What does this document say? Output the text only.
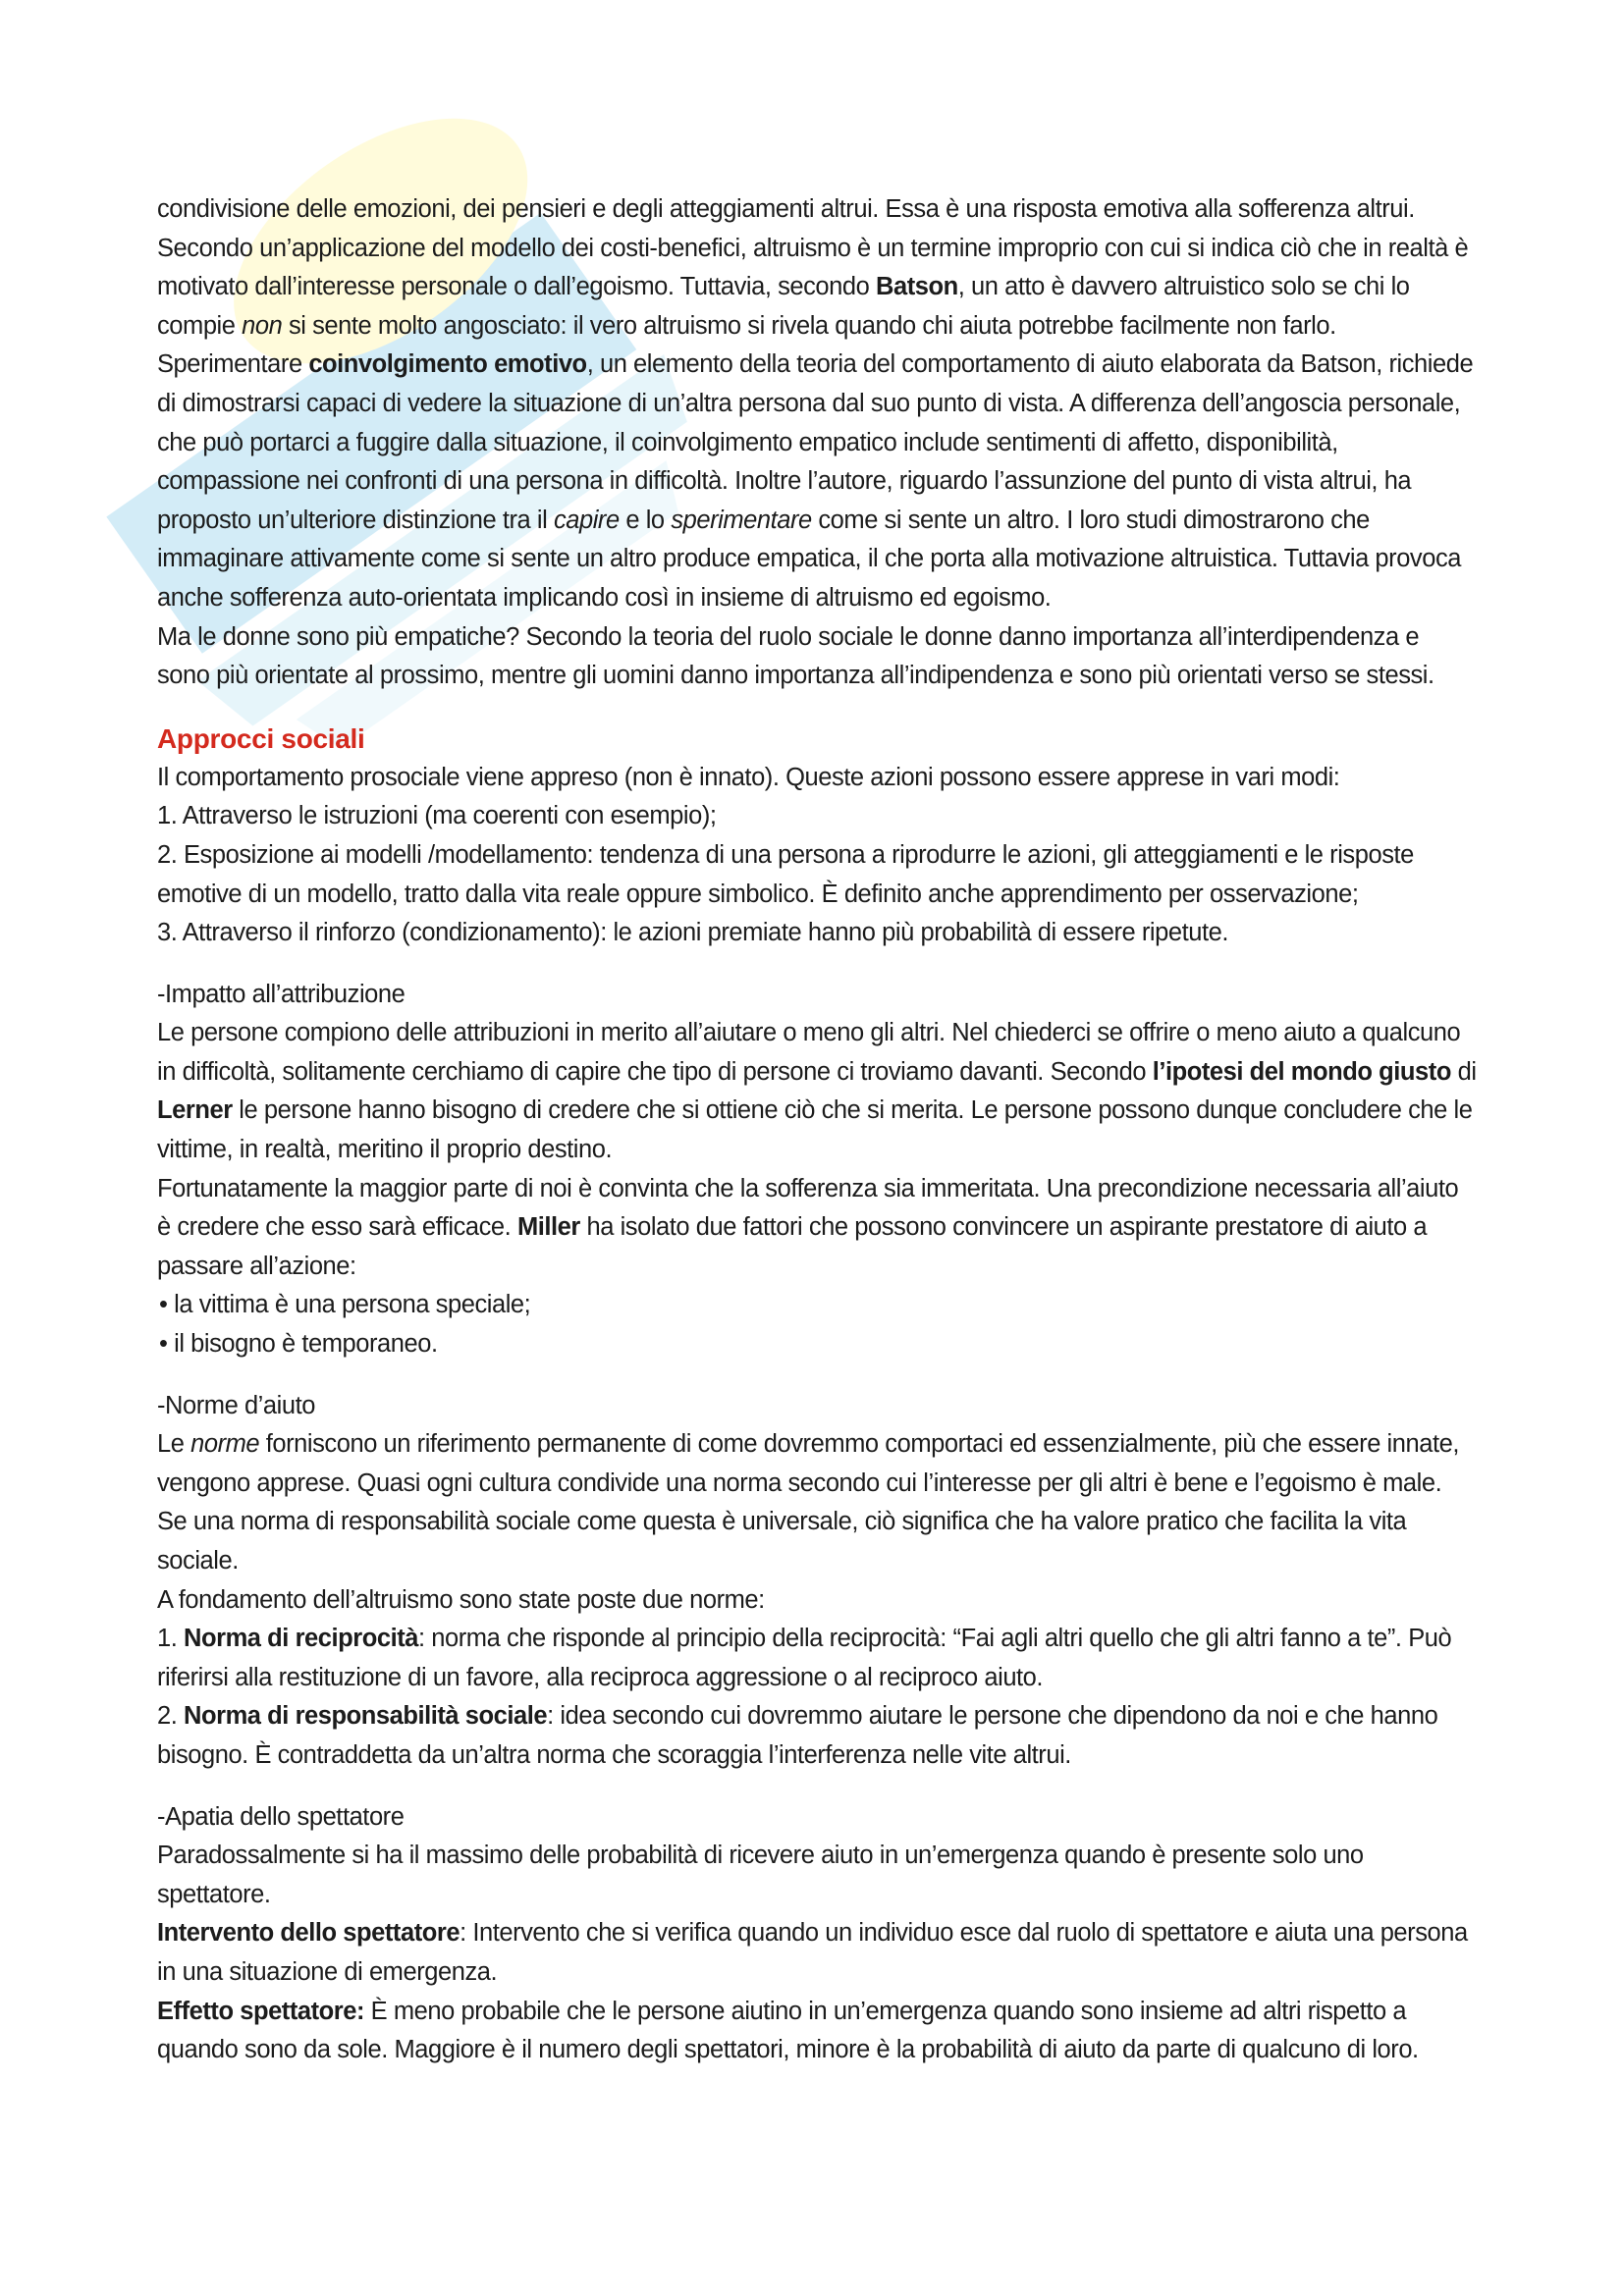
condivisione delle emozioni, dei pensieri e degli atteggiamenti altrui. Essa è una risposta emotiva alla sofferenza altrui. Secondo un’applicazione del modello dei costi-benefici, altruismo è un termine improprio con cui si indica ciò che in realtà è motivato dall’interesse personale o dall’egoismo. Tuttavia, secondo Batson, un atto è davvero altruistico solo se chi lo compie non si sente molto angosciato: il vero altruismo si rivela quando chi aiuta potrebbe facilmente non farlo. Sperimentare coinvolgimento emotivo, un elemento della teoria del comportamento di aiuto elaborata da Batson, richiede di dimostrarsi capaci di vedere la situazione di un’altra persona dal suo punto di vista. A differenza dell’angoscia personale, che può portarci a fuggire dalla situazione, il coinvolgimento empatico include sentimenti di affetto, disponibilità, compassione nei confronti di una persona in difficoltà. Inoltre l’autore, riguardo l’assunzione del punto di vista altrui, ha proposto un’ulteriore distinzione tra il capire e lo sperimentare come si sente un altro. I loro studi dimostrarono che immaginare attivamente come si sente un altro produce empatica, il che porta alla motivazione altruistica. Tuttavia provoca anche sofferenza auto-orientata implicando così in insieme di altruismo ed egoismo.

Ma le donne sono più empatiche? Secondo la teoria del ruolo sociale le donne danno importanza all’interdipendenza e sono più orientate al prossimo, mentre gli uomini danno importanza all’indipendenza e sono più orientati verso se stessi.

Approcci sociali

Il comportamento prosociale viene appreso (non è innato). Queste azioni possono essere apprese in vari modi:

1. Attraverso le istruzioni (ma coerenti con esempio);

2. Esposizione ai modelli /modellamento: tendenza di una persona a riprodurre le azioni, gli atteggiamenti e le risposte emotive di un modello, tratto dalla vita reale oppure simbolico. È definito anche apprendimento per osservazione;

3. Attraverso il rinforzo (condizionamento): le azioni premiate hanno più probabilità di essere ripetute.

-Impatto all’attribuzione

Le persone compiono delle attribuzioni in merito all’aiutare o meno gli altri. Nel chiederci se offrire o meno aiuto a qualcuno in difficoltà, solitamente cerchiamo di capire che tipo di persone ci troviamo davanti. Secondo l’ipotesi del mondo giusto di Lerner le persone hanno bisogno di credere che si ottiene ciò che si merita. Le persone possono dunque concludere che le vittime, in realtà, meritino il proprio destino.

Fortunatamente la maggior parte di noi è convinta che la sofferenza sia immeritata. Una precondizione necessaria all’aiuto è credere che esso sarà efficace. Miller ha isolato due fattori che possono convincere un aspirante prestatore di aiuto a passare all’azione:

• la vittima è una persona speciale;

• il bisogno è temporaneo.

-Norme d’aiuto

Le norme forniscono un riferimento permanente di come dovremmo comportaci ed essenzialmente, più che essere innate, vengono apprese. Quasi ogni cultura condivide una norma secondo cui l’interesse per gli altri è bene e l’egoismo è male. Se una norma di responsabilità sociale come questa è universale, ciò significa che ha valore pratico che facilita la vita sociale.

A fondamento dell’altruismo sono state poste due norme:

1. Norma di reciprocità: norma che risponde al principio della reciprocità: “Fai agli altri quello che gli altri fanno a te”. Può riferirsi alla restituzione di un favore, alla reciproca aggressione o al reciproco aiuto.

2. Norma di responsabilità sociale: idea secondo cui dovremmo aiutare le persone che dipendono da noi e che hanno bisogno. È contraddetta da un’altra norma che scoraggia l’interferenza nelle vite altrui.

-Apatia dello spettatore

Paradossalmente si ha il massimo delle probabilità di ricevere aiuto in un’emergenza quando è presente solo uno spettatore.

Intervento dello spettatore: Intervento che si verifica quando un individuo esce dal ruolo di spettatore e aiuta una persona in una situazione di emergenza.

Effetto spettatore: È meno probabile che le persone aiutino in un’emergenza quando sono insieme ad altri rispetto a quando sono da sole. Maggiore è il numero degli spettatori, minore è la probabilità di aiuto da parte di qualcuno di loro.
